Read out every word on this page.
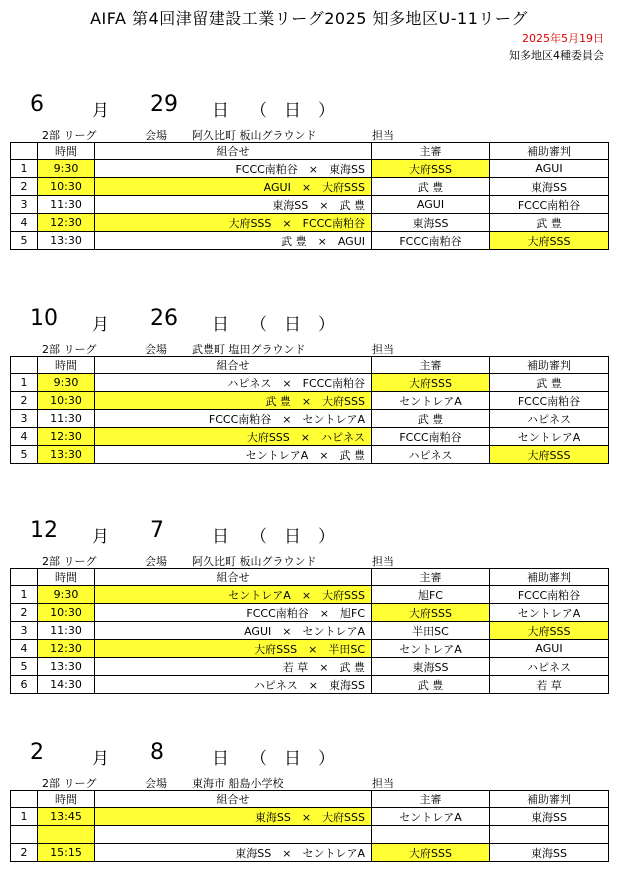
AIFA 第4回津留建設工業リーグ2025 知多地区U-11リーグ
2025年5月19日
知多地区4種委員会
6	月 29 日 （　日　）
2部 リーグ	会場 阿久比町 板山グラウンド	担当
	時間	組合せ	主審	補助審判
1	9:30	FCCC南粕谷　×　東海SS	大府SSS	AGUI
2	10:30	AGUI　×　大府SSS	武 豊	東海SS
3	11:30	東海SS　×　武 豊	AGUI	FCCC南粕谷
4	12:30	大府SSS　×　FCCC南粕谷	東海SS	武 豊
5	13:30	武 豊　×　AGUI	FCCC南粕谷	大府SSS
10 月 26 日 （　日　）
2部 リーグ	会場 武豊町 塩田グラウンド	担当
	時間	組合せ	主審	補助審判
1	9:30	ハピネス　×　FCCC南粕谷	大府SSS	武 豊
2	10:30	武 豊　×　大府SSS	セントレアA	FCCC南粕谷
3	11:30	FCCC南粕谷　×　セントレアA	武 豊	ハピネス
4	12:30	大府SSS　×　ハピネス	FCCC南粕谷	セントレアA
5	13:30	セントレアA　×　武 豊	ハピネス	大府SSS
12 月 7	日 （　日　）
2部 リーグ	会場 阿久比町 板山グラウンド	担当
	時間	組合せ	主審	補助審判
1	9:30	セントレアA　×　大府SSS	旭FC	FCCC南粕谷
2	10:30	FCCC南粕谷　×　旭FC	大府SSS	セントレアA
3	11:30	AGUI　×　セントレアA	半田SC	大府SSS
4	12:30	大府SSS　×　半田SC	セントレアA	AGUI
5	13:30	若 草　×　武 豊	東海SS	ハピネス
6	14:30	ハピネス　×　東海SS	武 豊	若 草
2	月 8	日 （　日　）
2部 リーグ	会場 東海市 船島小学校	担当
	時間	組合せ	主審	補助審判
1	13:45	東海SS　×　大府SSS	セントレアA	東海SS

2	15:15	東海SS　×　セントレアA	大府SSS	東海SS
